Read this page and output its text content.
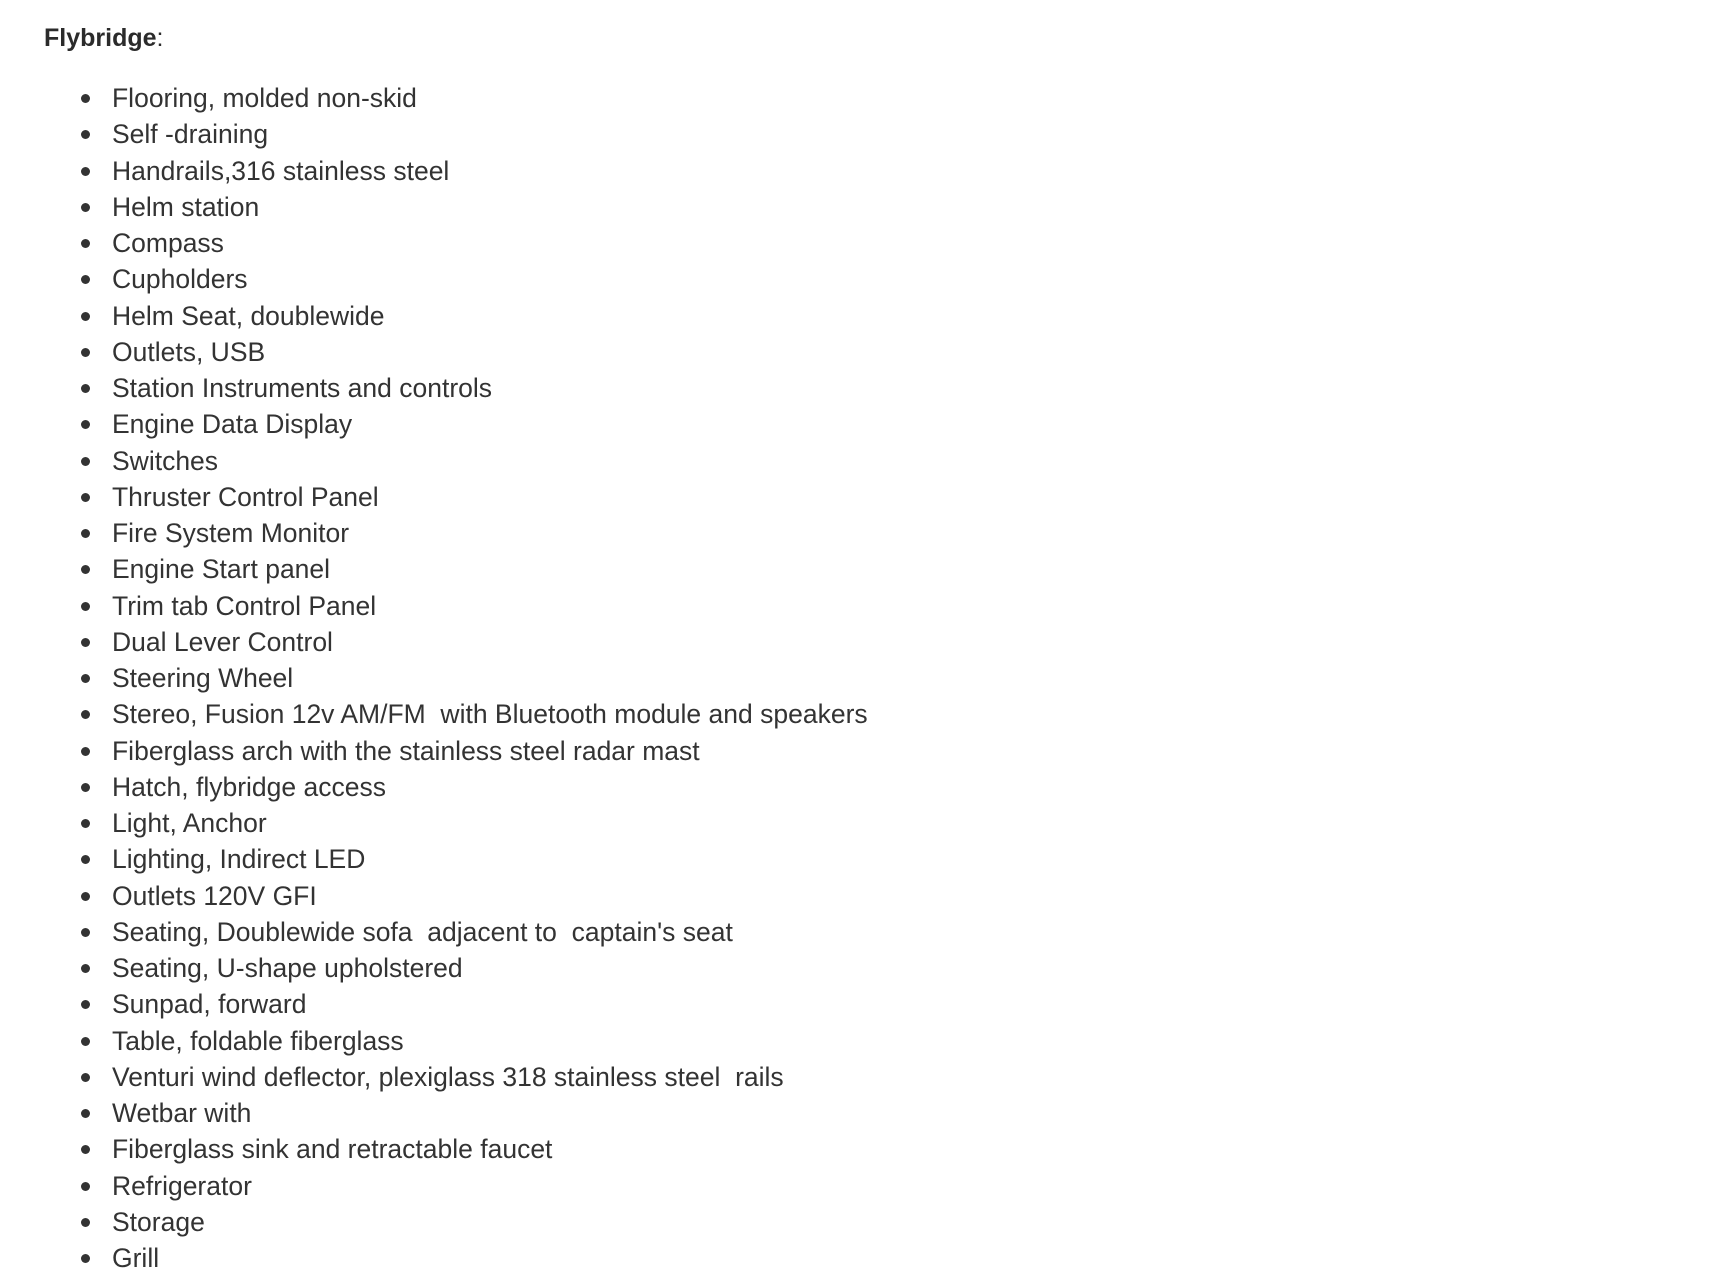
Flybridge:

Flooring, molded non-skid
Self -draining
Handrails,316 stainless steel
Helm station
Compass
Cupholders
Helm Seat, doublewide
Outlets, USB
Station Instruments and controls
Engine Data Display
Switches
Thruster Control Panel
Fire System Monitor
Engine Start panel
Trim tab Control Panel
Dual Lever Control
Steering Wheel
Stereo, Fusion 12v AM/FM  with Bluetooth module and speakers
Fiberglass arch with the stainless steel radar mast
Hatch, flybridge access
Light, Anchor
Lighting, Indirect LED
Outlets 120V GFI
Seating, Doublewide sofa  adjacent to  captain's seat
Seating, U-shape upholstered
Sunpad, forward
Table, foldable fiberglass
Venturi wind deflector, plexiglass 318 stainless steel  rails
Wetbar with
Fiberglass sink and retractable faucet
Refrigerator
Storage
Grill
